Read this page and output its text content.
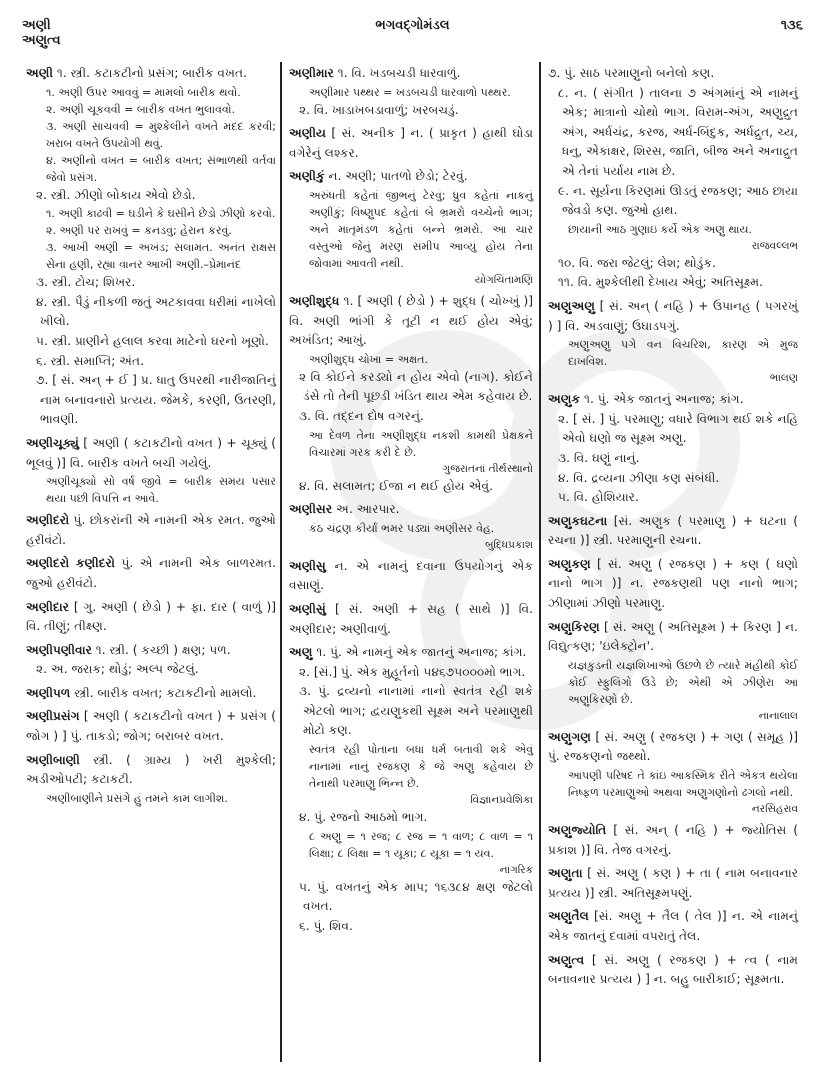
અણી
અણુત્વ
ભગવદ્ગોમંડલ	૧૩૬
અણી ૧. સ્ત્રી. કટાકટીનો પ્રસંગ; બારીક વખત.
૧. અણી ઉપર આવવું = મામલો બારીક થવો.
૨. અણી ચૂકવવી = બારીક વખત ભુલાવવો.
૩. અણી સાચવવી = મુશ્કેલીને વખતે મદદ કરવી; ખરાબ વખતે ઉપયોગી થવું.
૪. અણીનો વખત = બારીક વખત; સંભાળથી વર્તવા જેવો પ્રસંગ.
૨. સ્ત્રી. ઝીણો બોકાય એવો છેડો.
૧. અણી કાઢવી = ઘડીને કે ઘસીને છેડો ઝીણો કરવો.
૨. અણી પર રાખવું = કનડવું; હેરાન કરવું.
૩. આખી અણી = અખંડ; સલામત. અનંત રાક્ષસ સેના હણી, રહ્યા વાનર આખી અણી.–પ્રેમાનંદ
૩. સ્ત્રી. ટોચ; શિખર.
૪. સ્ત્રી. પૈડું નીકળી જતું અટકાવવા ધરીમાં નાખેલો ખીલો.
૫. સ્ત્રી. પ્રાણીને હલાલ કરવા માટેનો ઘરનો ખૂણો.
૬. સ્ત્રી. સમાપ્તિ; અંત.
૭. [ સં. અન્ + ઈ ] પ્ર. ધાતુ ઉપરથી નારીજાતિનું નામ બનાવનારો પ્રત્યય. જેમકે, કરણી, ઉતરણી, ભાવણી.
અણીચૂક્યું [ અણી ( કટાકટીનો વખત ) + ચૂક્યું ( ભૂલવું )] વિ. બારીક વખતે બચી ગયેલું.
અણીચૂક્યો સો વર્ષ જીવે = બારીક સમય પસાર થયા પછી વિપત્તિ ન આવે.
અણીદરો પું. છોકરાંની એ નામની એક રમત. જુઓ હરીવંટો.
અણીદરો કણીદરો પું. એ નામની એક બાળરમત. જુઓ હરીવંટો.
અણીદાર [ ગુ. અણી ( છેડો ) + ફા. દાર ( વાળું )] વિ. તીણું; તીક્ષ્ણ.
અણીપણીવાર ૧. સ્ત્રી. ( કચ્છી ) ક્ષણ; પળ.
૨. અ. જરાક; થોડું; અલ્પ જેટલું.
અણીપળ સ્ત્રી. બારીક વખત; કટાકટીનો મામલો.
અણીપ્રસંગ [ અણી ( કટાકટીનો વખત ) + પ્રસંગ ( જોગ ) ] પું. તાકડો; જોગ; બરાબર વખત.
અણીબાણી સ્ત્રી. ( ગ્રામ્ય ) ખરી મુશ્કેલી; અડીઓપટી; કટાકટી.
અણીબાણીને પ્રસંગે હું તમને કામ લાગીશ.
અણીમાર ૧. વિ. ખડબચડી ધારવાળું.
અણીમાર પથ્થર = ખડબચડી ધારવાળો પથ્થર.
૨. વિ. ખાડાખબડાવાળું; ખરબચડું.
અણીય [ સં. અનીક ] ન. ( પ્રાકૃત ) હાથી ઘોડા વગેરેનું લશ્કર.
અણીકું ન. અણી; પાતળો છેડો; ટેરવું.
અરુંધતી કહેતાં જીભનું ટેરવું; ધ્રુવ કહેતાં નાકનું અણીકું; વિષ્ણુપદ કહેતાં બે ભ્રમરો વચ્ચેનો ભાગ; અને માતૃમંડળ કહેતાં બન્ને ભ્રમરો. આ ચાર વસ્તુઓ જેનું મરણ સમીપ આવ્યું હોય તેના જોવામાં આવતી નથી.
યોગચિંતામણિ
અણીશુદ્ધ ૧. [ અણી ( છેડો ) + શુદ્ધ ( ચોખ્ખું )] વિ. અણી ભાંગી કે તૂટી ન થઈ હોય એવું; અખંડિત; આખું.
અણીશુદ્ધ ચોખા = અક્ષત.
૨ વિ કોઈને કરડ્યો ન હોય એવો (નાગ). કોઈને ડંસે તો તેની પૂછડી ખંડિત થાય એમ કહેવાય છે.
૩. વિ. તદ્દન દોષ વગરનું.
આ દેવળ તેના અણીશુદ્ધ નકશી કામથી પ્રેક્ષકને વિચારમાં ગરક કરી દે છે.
ગુજરાતનાં તીર્થસ્થાનો
૪. વિ. સલામત; ઈજા ન થઈ હોય એવું.
અણીસર અ. આરપાર.
કંઠ ચંદ્રણ કીર્યાં ભમર પડ્યાં અણીસર વેહ.
બુદ્ધિપ્રકાશ
અણીસુ ન. એ નામનું દવાના ઉપયોગનું એક વસાણું.
અણીસું [ સં. અણી + સહ ( સાથે )] વિ. અણીદાર; અણીવાળું.
અણુ ૧. પું. એ નામનું એક જાતનું અનાજ; કાંગ.
૨. [સં.] પું. એક મુહૂર્તનો ૫૪૬૭૫૦૦૦મો ભાગ.
૩. પું. દ્રવ્યનો નાનામાં નાનો સ્વતંત્ર રહી શકે એટલો ભાગ; દ્વયણુકથી સૂક્ષ્મ અને પરમાણુથી મોટો કણ.
સ્વતંત્ર રહી પોતાના બધા ધર્મ બતાવી શકે એવું નાનામાં નાનું રજકણ કે જે અણુ કહેવાય છે તેનાથી પરમાણુ ભિન્ન છે.
વિજ્ઞાનપ્રવેશિકા
૪. પું. રજનો આઠમો ભાગ.
૮ અણુ = ૧ રજ; ૮ રજ = ૧ વાળ; ૮ વાળ = ૧ લિક્ષા; ૮ લિક્ષા = ૧ યૂકા; ૮ યૂકા = ૧ યવ.
નાગરિક
૫. પું. વખતનું એક માપ; ૧૬૩૮૪ ક્ષણ જેટલો વખત.
૬. પું. શિવ.
૭. પું. સાઠ પરમાણુનો બનેલો કણ.
૮. ન. ( સંગીત ) તાલના ૭ અંગમાંનું એ નામનું એક; માત્રાનો ચોથો ભાગ. વિરામ-અંગ, અણુદ્રુત અંગ, અર્ધચંદ્ર, કરજ, અર્ધ-બિંદુક, અર્ધદ્રુત, ચ્ય, ધનુ, એકાક્ષર, શિરસ, જાતિ, બીજ અને અનાદ્રુત એ તેનાં પર્યાય નામ છે.
૯. ન. સૂર્યના કિરણમાં ઊડતું રજકણ; આઠ છાયા જેવડો કણ. જુઓ હાથ.
છાયાની આઠ ગુણાઇ કર્યે એક અણુ થાય.
રાજવલ્લભ
૧૦. વિ. જરા જેટલું; લેશ; થોડુંક.
૧૧. વિ. મુશ્કેલીથી દેખાય એવું; અતિસૂક્ષ્મ.
અણુઅણુ [ સં. અન્ ( નહિ ) + ઉપાનહ ( પગરખું ) ] વિ. અડવાણું; ઉઘાડપગું.
અણુઅણુ પગે વન વિચરિશ, કારણ એ મુજ દાખવિશ.
ભાલણ
અણુક ૧. પું. એક જાતનું અનાજ; કાંગ.
૨. [ સં. ] પું. પરમાણુ; વધારે વિભાગ થઈ શકે નહિ એવો ઘણો જ સૂક્ષ્મ અણુ.
૩. વિ. ઘણું નાનું.
૪. વિ. દ્રવ્યના ઝીણા કણ સંબંધી.
૫. વિ. હોશિયાર.
અણુકઘટના [સં. અણુક ( પરમાણુ ) + ઘટના ( રચના )] સ્ત્રી. પરમાણુની રચના.
અણુકણ [ સં. અણુ ( રજકણ ) + કણ ( ઘણો નાનો ભાગ )] ન. રજકણથી પણ નાનો ભાગ; ઝીણામાં ઝીણો પરમાણુ.
અણુકિરણ [ સં. અણુ ( અતિસૂક્ષ્મ ) + કિરણ ] ન. વિદ્યુત્કણ; 'ઇલેક્ટ્રોન'.
યજ્ઞકુંડની યજ્ઞશિખાઓ ઉછળે છે ત્યારે મંહીથી કોઈ કોઈ સ્ફુલિંગો ઉડે છે; એથી એ ઝીણેરા આ અણુકિરણો છે.
નાનાલાલ
અણુગણ [ સં. અણુ ( રજકણ ) + ગણ ( સમૂહ )] પું. રજકણનો જથ્થો.
આપણી પરિષદ તે કાંઇ આકસ્મિક રીતે એકત્ર થયેલા નિષ્ફળ પરમાણુઓ અથવા અણુગણોનો ઢગલો નથી.
નરસિંહરાવ
અણુજ્યોતિ [ સં. અન્ ( નહિ ) + જ્યોતિસ ( પ્રકાશ )] વિ. તેજ વગરનું.
અણુતા [ સં. અણુ ( કણ ) + તા ( નામ બનાવનાર પ્રત્યય )] સ્ત્રી. અતિસૂક્ષ્મપણું.
અણુતૈલ [સં. અણુ + તૈલ ( તેલ )] ન. એ નામનું એક જાતનું દવામાં વપરાતું તેલ.
અણુત્વ [ સં. અણુ ( રજકણ ) + ત્વ ( નામ બનાવનાર પ્રત્યય ) ] ન. બહુ બારીકાઈ; સૂક્ષ્મતા.
